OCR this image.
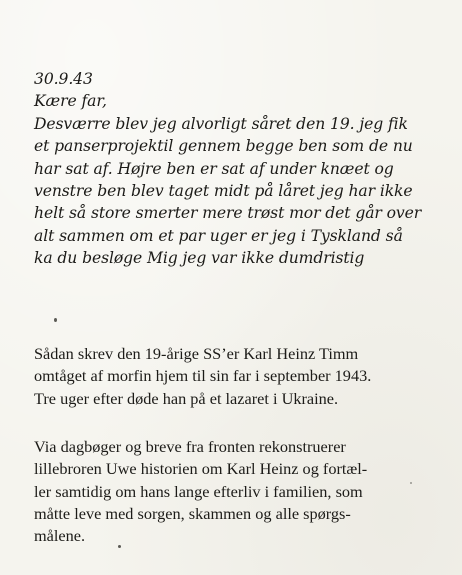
30.9.43
Kære far,
Desværre blev jeg alvorligt såret den 19. jeg fik
et panserprojektil gennem begge ben som de nu
har sat af. Højre ben er sat af under knæet og
venstre ben blev taget midt på låret jeg har ikke
helt så store smerter mere trøst mor det går over
alt sammen om et par uger er jeg i Tyskland så
ka du besløge Mig jeg var ikke dumdristig
Sådan skrev den 19-årige SS’er Karl Heinz Timm
omtåget af morfin hjem til sin far i september 1943.
Tre uger efter døde han på et lazaret i Ukraine.
Via dagbøger og breve fra fronten rekonstruerer
lillebroren Uwe historien om Karl Heinz og fortæl-
ler samtidig om hans lange efterliv i familien, som
måtte leve med sorgen, skammen og alle spørgs-
målene.
